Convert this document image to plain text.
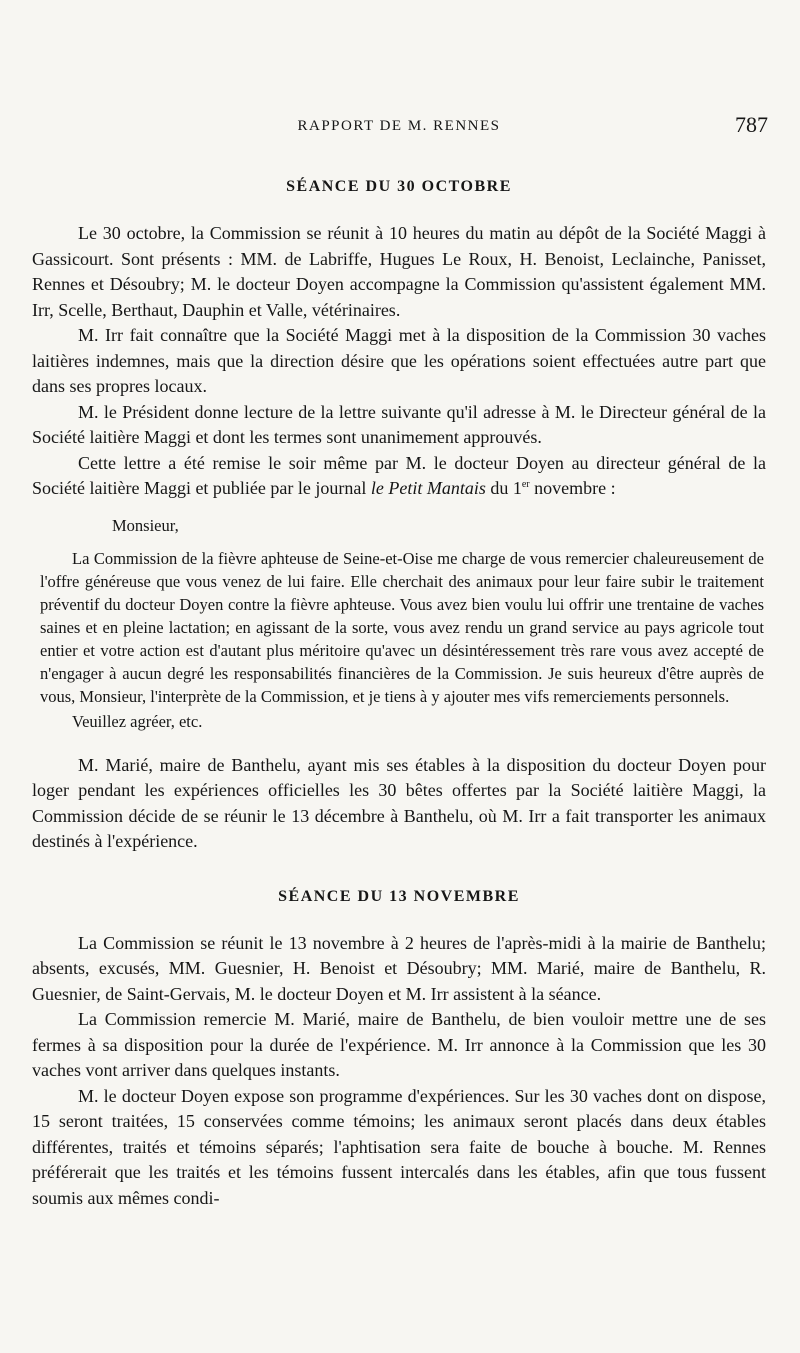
RAPPORT DE M. RENNES	787
SÉANCE DU 30 OCTOBRE

Le 30 octobre, la Commission se réunit à 10 heures du matin au dépôt de la Société Maggi à Gassicourt. Sont présents : MM. de Labriffe, Hugues Le Roux, H. Benoist, Leclainche, Panisset, Rennes et Désoubry; M. le docteur Doyen accompagne la Commission qu'assistent également MM. Irr, Scelle, Berthaut, Dauphin et Valle, vétérinaires.

M. Irr fait connaître que la Société Maggi met à la disposition de la Commission 30 vaches laitières indemnes, mais que la direction désire que les opérations soient effectuées autre part que dans ses propres locaux.

M. le Président donne lecture de la lettre suivante qu'il adresse à M. le Directeur général de la Société laitière Maggi et dont les termes sont unanimement approuvés.

Cette lettre a été remise le soir même par M. le docteur Doyen au directeur général de la Société laitière Maggi et publiée par le journal le Petit Mantais du 1er novembre :

Monsieur,

La Commission de la fièvre aphteuse de Seine-et-Oise me charge de vous remercier chaleureusement de l'offre généreuse que vous venez de lui faire. Elle cherchait des animaux pour leur faire subir le traitement préventif du docteur Doyen contre la fièvre aphteuse. Vous avez bien voulu lui offrir une trentaine de vaches saines et en pleine lactation; en agissant de la sorte, vous avez rendu un grand service au pays agricole tout entier et votre action est d'autant plus méritoire qu'avec un désintéressement très rare vous avez accepté de n'engager à aucun degré les responsabilités financières de la Commission. Je suis heureux d'être auprès de vous, Monsieur, l'interprète de la Commission, et je tiens à y ajouter mes vifs remerciements personnels.

Veuillez agréer, etc.

M. Marié, maire de Banthelu, ayant mis ses étables à la disposition du docteur Doyen pour loger pendant les expériences officielles les 30 bêtes offertes par la Société laitière Maggi, la Commission décide de se réunir le 13 décembre à Banthelu, où M. Irr a fait transporter les animaux destinés à l'expérience.

SÉANCE DU 13 NOVEMBRE

La Commission se réunit le 13 novembre à 2 heures de l'après-midi à la mairie de Banthelu; absents, excusés, MM. Guesnier, H. Benoist et Désoubry; MM. Marié, maire de Banthelu, R. Guesnier, de Saint-Gervais, M. le docteur Doyen et M. Irr assistent à la séance.

La Commission remercie M. Marié, maire de Banthelu, de bien vouloir mettre une de ses fermes à sa disposition pour la durée de l'expérience. M. Irr annonce à la Commission que les 30 vaches vont arriver dans quelques instants.

M. le docteur Doyen expose son programme d'expériences. Sur les 30 vaches dont on dispose, 15 seront traitées, 15 conservées comme témoins; les animaux seront placés dans deux étables différentes, traités et témoins séparés; l'aphtisation sera faite de bouche à bouche. M. Rennes préférerait que les traités et les témoins fussent intercalés dans les étables, afin que tous fussent soumis aux mêmes condi-
